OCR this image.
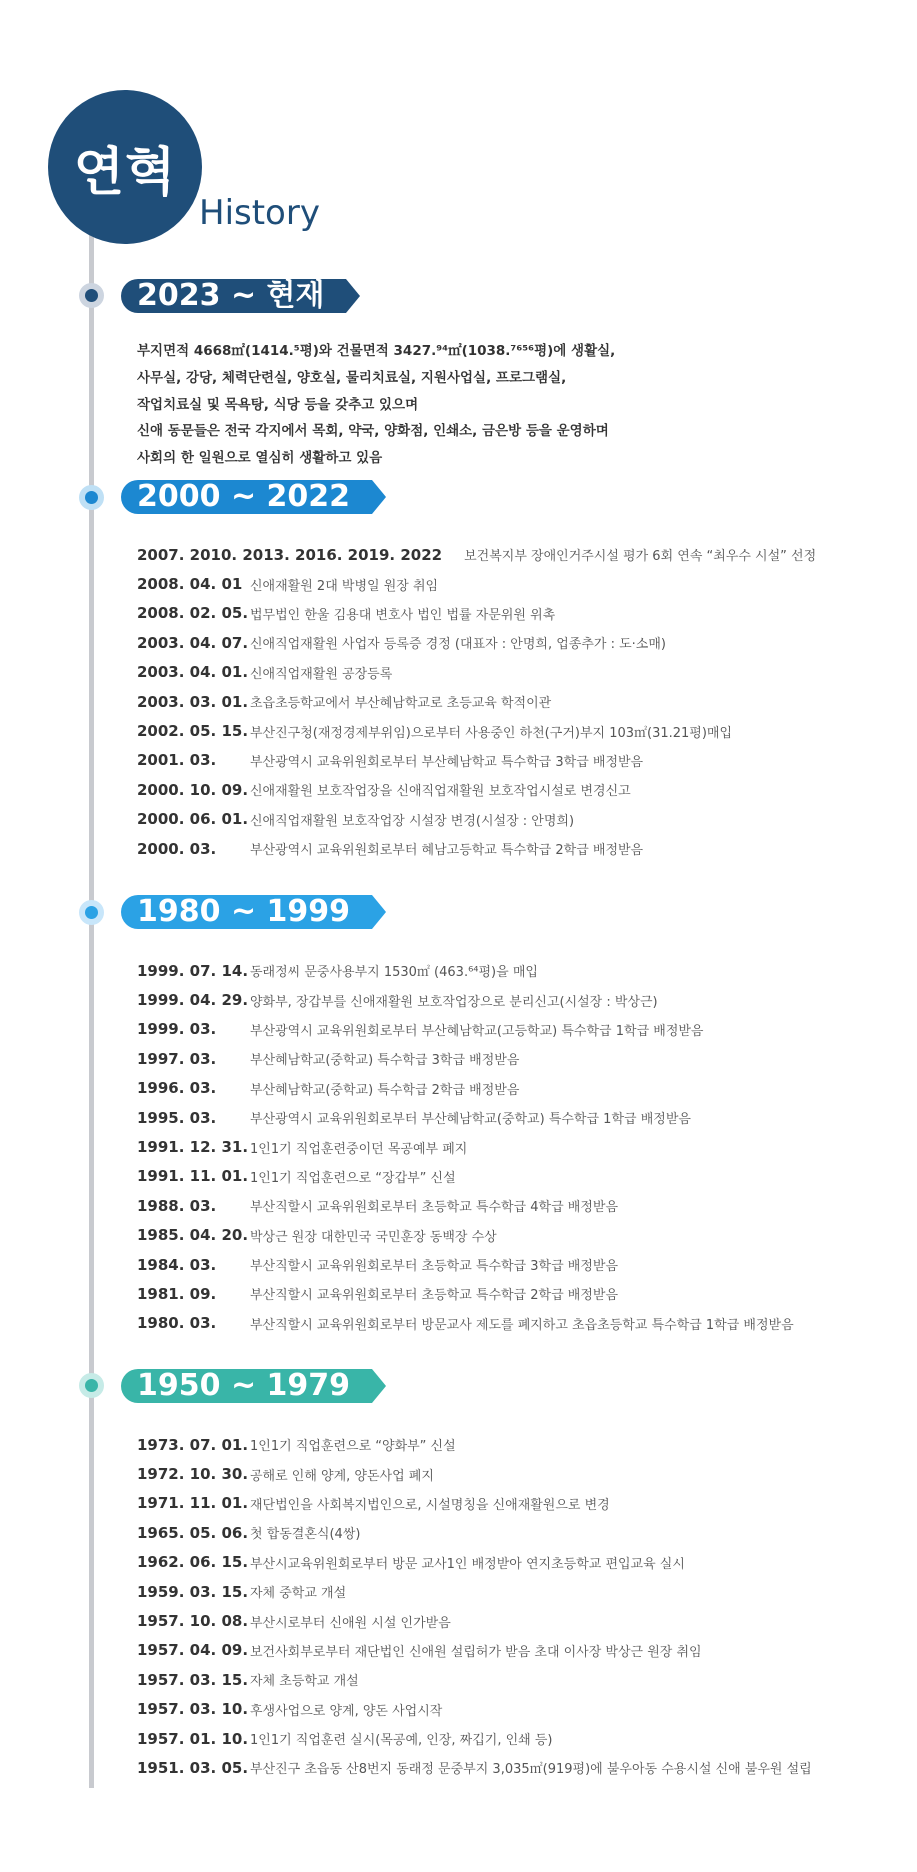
연혁
History
2023 ~ 현재
부지면적 4668㎡(1414.⁵평)와 건물면적 3427.⁹⁴㎡(1038.⁷⁶⁵⁶평)에 생활실,
사무실, 강당, 체력단련실, 양호실, 물리치료실, 지원사업실, 프로그램실,
작업치료실 및 목욕탕, 식당 등을 갖추고 있으며
신애 동문들은 전국 각지에서 목회, 약국, 양화점, 인쇄소, 금은방 등을 운영하며
사회의 한 일원으로 열심히 생활하고 있음
2000 ~ 2022
2007. 2010. 2013. 2016. 2019. 2022 보건복지부 장애인거주시설 평가 6회 연속 “최우수 시설” 선정
2008. 04. 01 신애재활원 2대 박병일 원장 취임
2008. 02. 05. 법무법인 한울 김용대 변호사 법인 법률 자문위원 위촉
2003. 04. 07. 신애직업재활원 사업자 등록증 경정 (대표자 : 안명희, 업종추가 : 도·소매)
2003. 04. 01. 신애직업재활원 공장등록
2003. 03. 01. 초읍초등학교에서 부산혜남학교로 초등교육 학적이관
2002. 05. 15. 부산진구청(재정경제부위임)으로부터 사용중인 하천(구거)부지 103㎡(31.21평)매입
2001. 03.	부산광역시 교육위원회로부터 부산혜남학교 특수학급 3학급 배정받음
2000. 10. 09. 신애재활원 보호작업장을 신애직업재활원 보호작업시설로 변경신고
2000. 06. 01. 신애직업재활원 보호작업장 시설장 변경(시설장 : 안명희)
2000. 03.	부산광역시 교육위원회로부터 혜남고등학교 특수학급 2학급 배정받음
1980 ~ 1999
1999. 07. 14. 동래정씨 문중사용부지 1530㎡ (463.⁶⁴평)을 매입
1999. 04. 29. 양화부, 장갑부를 신애재활원 보호작업장으로 분리신고(시설장 : 박상근)
1999. 03.	부산광역시 교육위원회로부터 부산혜남학교(고등학교) 특수학급 1학급 배정받음
1997. 03.	부산혜남학교(중학교) 특수학급 3학급 배정받음
1996. 03.	부산혜남학교(중학교) 특수학급 2학급 배정받음
1995. 03.	부산광역시 교육위원회로부터 부산혜남학교(중학교) 특수학급 1학급 배정받음
1991. 12. 31. 1인1기 직업훈련중이던 목공예부 폐지
1991. 11. 01. 1인1기 직업훈련으로 “장갑부” 신설
1988. 03.	부산직할시 교육위원회로부터 초등학교 특수학급 4학급 배정받음
1985. 04. 20. 박상근 원장 대한민국 국민훈장 동백장 수상
1984. 03.	부산직할시 교육위원회로부터 초등학교 특수학급 3학급 배정받음
1981. 09.	부산직할시 교육위원회로부터 초등학교 특수학급 2학급 배정받음
1980. 03.	부산직할시 교육위원회로부터 방문교사 제도를 폐지하고 초읍초등학교 특수학급 1학급 배정받음
1950 ~ 1979
1973. 07. 01. 1인1기 직업훈련으로 “양화부” 신설
1972. 10. 30. 공해로 인해 양계, 양돈사업 폐지
1971. 11. 01. 재단법인을 사회복지법인으로, 시설명칭을 신애재활원으로 변경
1965. 05. 06. 첫 합동결혼식(4쌍)
1962. 06. 15. 부산시교육위원회로부터 방문 교사1인 배정받아 연지초등학교 편입교육 실시
1959. 03. 15. 자체 중학교 개설
1957. 10. 08. 부산시로부터 신애원 시설 인가받음
1957. 04. 09. 보건사회부로부터 재단법인 신애원 설립허가 받음 초대 이사장 박상근 원장 취임
1957. 03. 15. 자체 초등학교 개설
1957. 03. 10. 후생사업으로 양계, 양돈 사업시작
1957. 01. 10. 1인1기 직업훈련 실시(목공예, 인장, 짜깁기, 인쇄 등)
1951. 03. 05. 부산진구 초읍동 산8번지 동래정 문중부지 3,035㎡(919평)에 불우아동 수용시설 신애 불우원 설립
